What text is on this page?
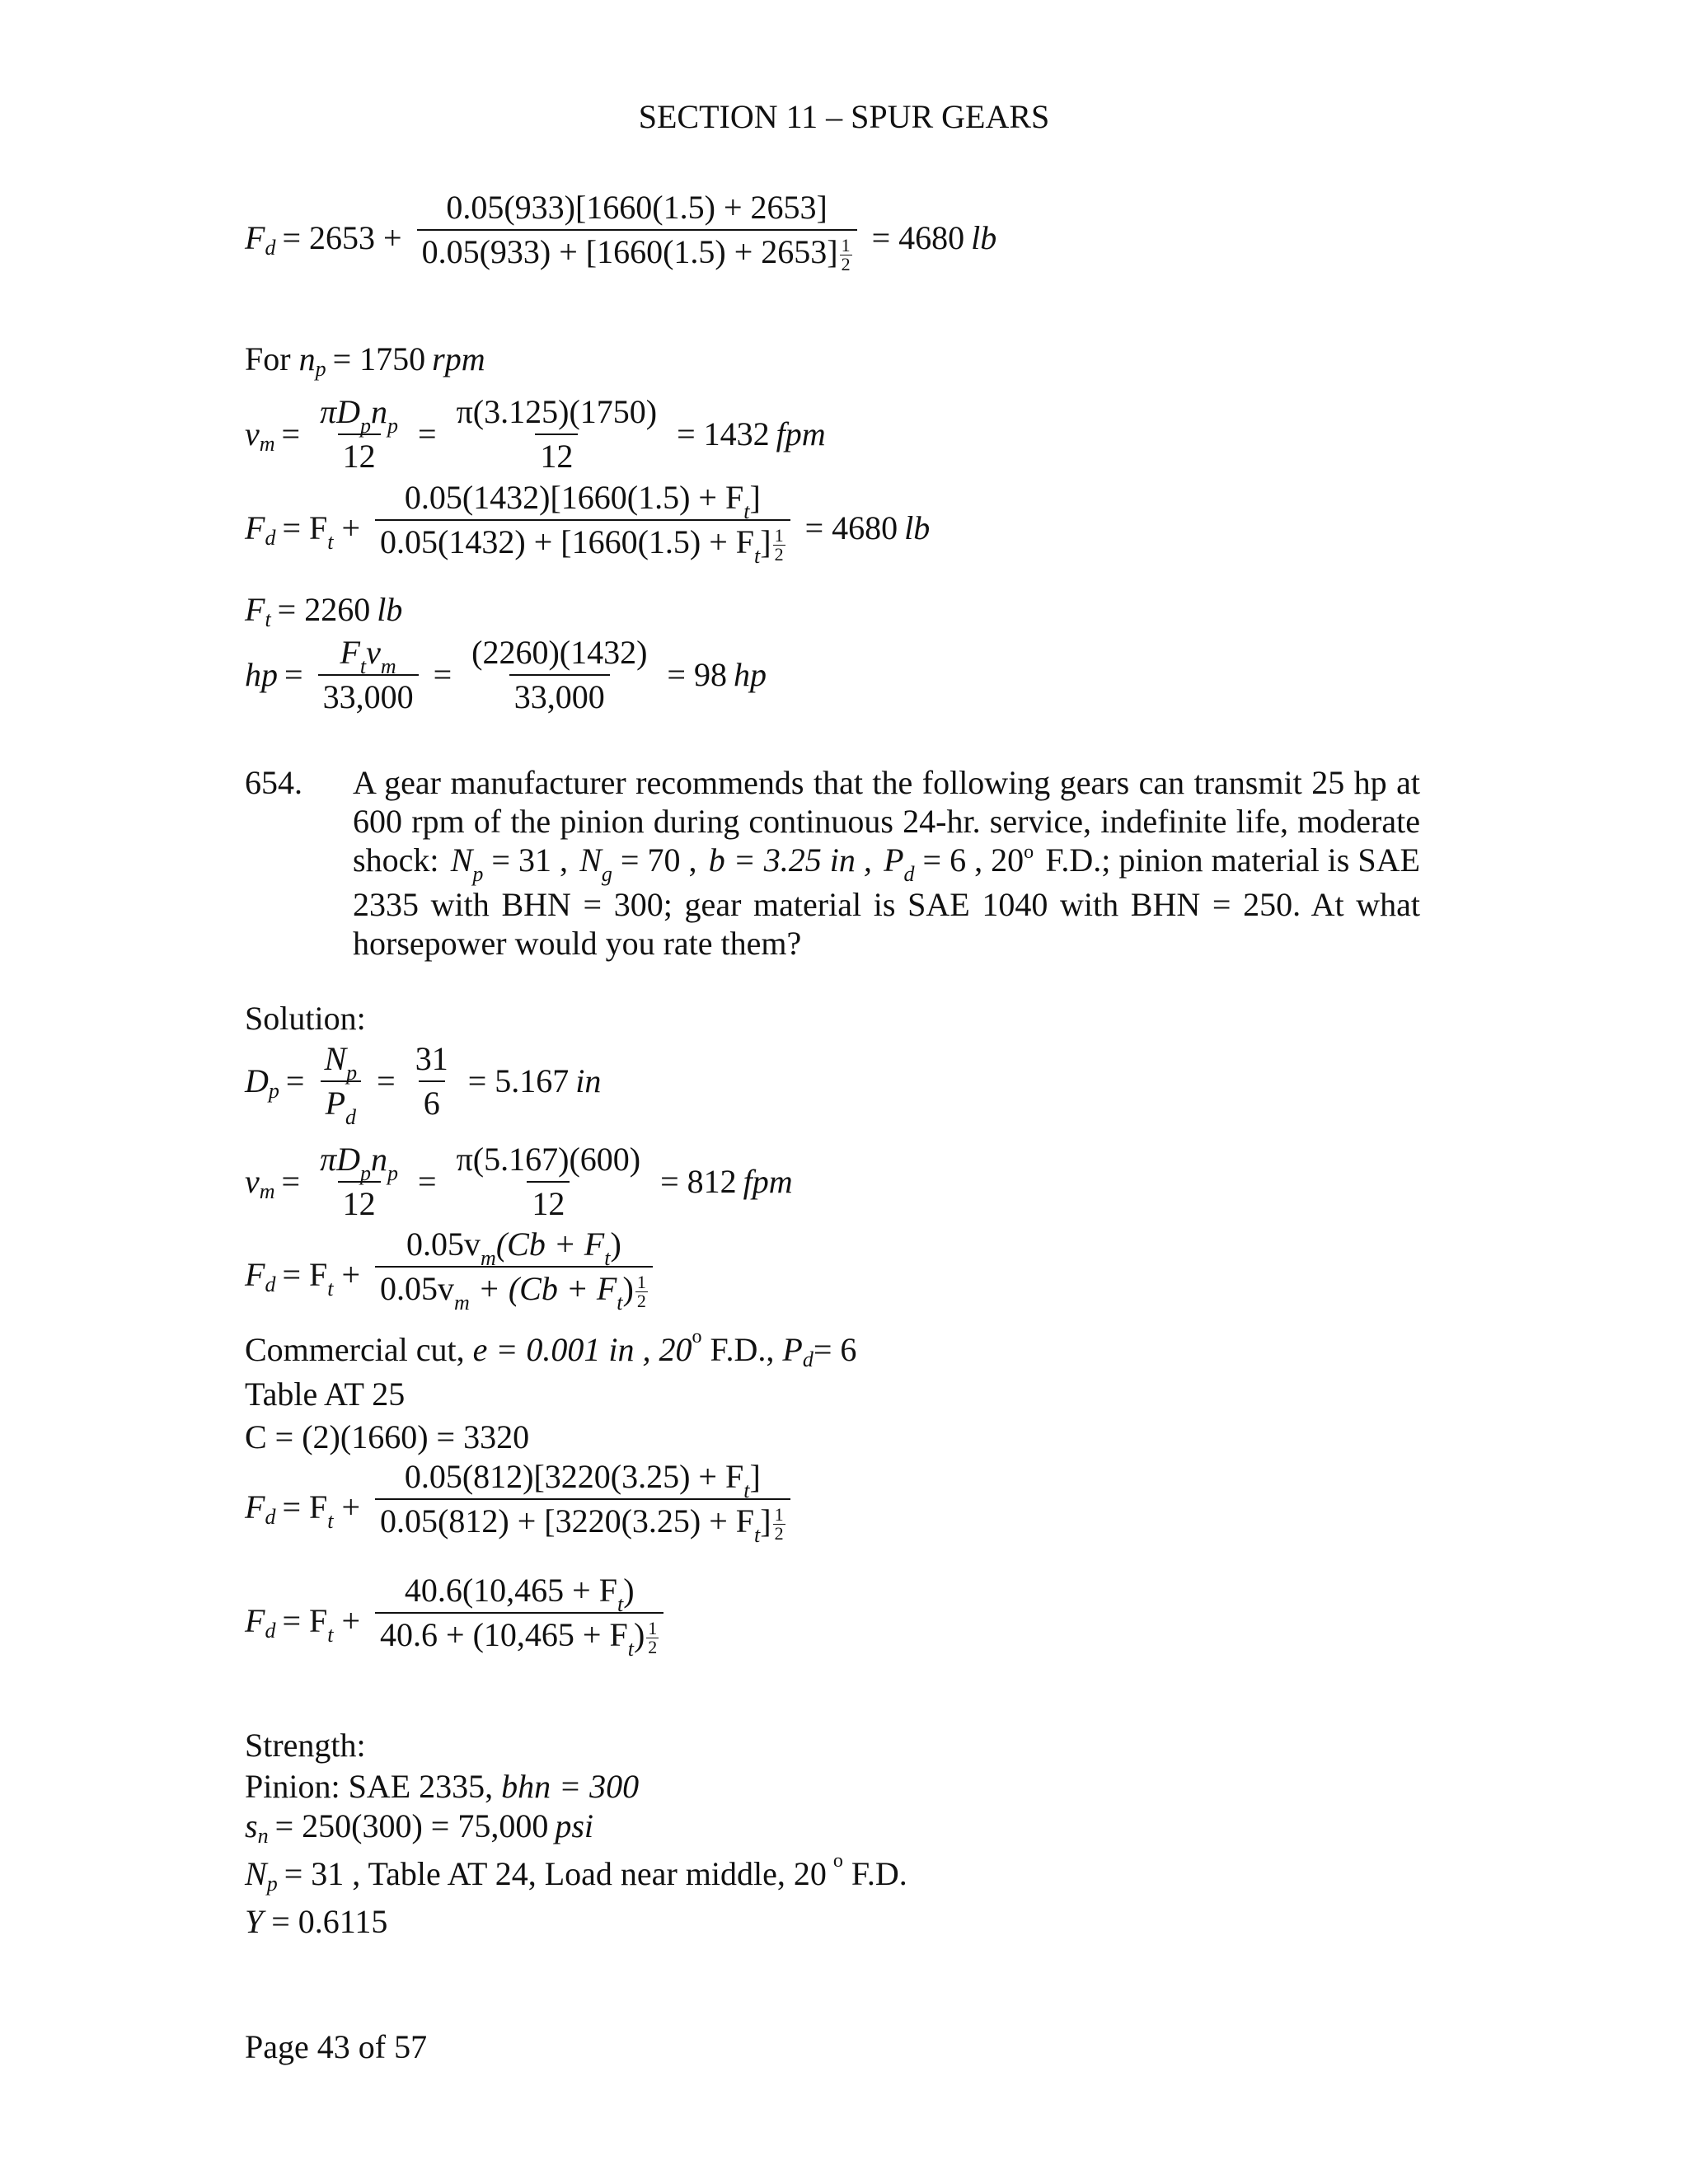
SECTION 11 – SPUR GEARS
F $d = 2653 + \frac{0.05(933)[1660(1.5) + 2653]}{0.05(933) + [1660(1.5) + 2653] \frac{1}{2}} = 4680$ lb
For
n p = 1750 rpm
v $m = \frac{\pi D_pn_p}{12} = \frac{\pi(3.125)(1750)}{12} = 1432$ fpm
F $d = F_t + \frac{0.05(1432)[1660(1.5) + F_t]}{0.05(1432) + [1660(1.5) + F_t] \frac{1}{2}} = 4680$ lb
F t = 2260 lb
hp = $\frac{F_tv_m}{33,000} = \frac{(2260)(1432)}{33,000} = 98$ hp
654. A gear manufacturer recommends that the following gears can transmit 25 hp at
600 rpm of the pinion during continuous 24-hr. service, indefinite life, moderate
shock: $N_p = 31$ , $N_g = 70$ , b = 3.25 in , $P_d = 6$ , 20$^o$ F.D.; pinion material is SAE
2335 with BHN = 300; gear material is SAE 1040 with BHN = 250. At what
horsepower would you rate them?
Solution:
D $p = \frac{N_p}{P_d} = \frac{31}{6} = 5.167$ in
v $m = \frac{\pi D_pn_p}{12} = \frac{\pi(5.167)(600)}{12} = 812$ fpm
F $d = F_t + \frac{0.05v_m(Cb + F_t)}{0.05v_m + (Cb + F_t) \frac{1}{2}}$
Commercial cut,
e = 0.001 in , 20 o
F.D.,
P d = 6
Table AT 25
C = (2)(1660) = 3320
F $d = F_t + \frac{0.05(812)[3220(3.25) + F_t]}{0.05(812) + [3220(3.25) + F_t] \frac{1}{2}}$
F $d = F_t + \frac{40.6(10,465 + F_t)}{40.6 + (10,465 + F_t) \frac{1}{2}}$
Strength:
Pinion: SAE 2335, bhn = 300
s n = 250(300) = 75,000 psi
N p = 31 , Table AT 24, Load near middle, 20 o
F.D.
Y = 0.6115
Page 43 of 57
